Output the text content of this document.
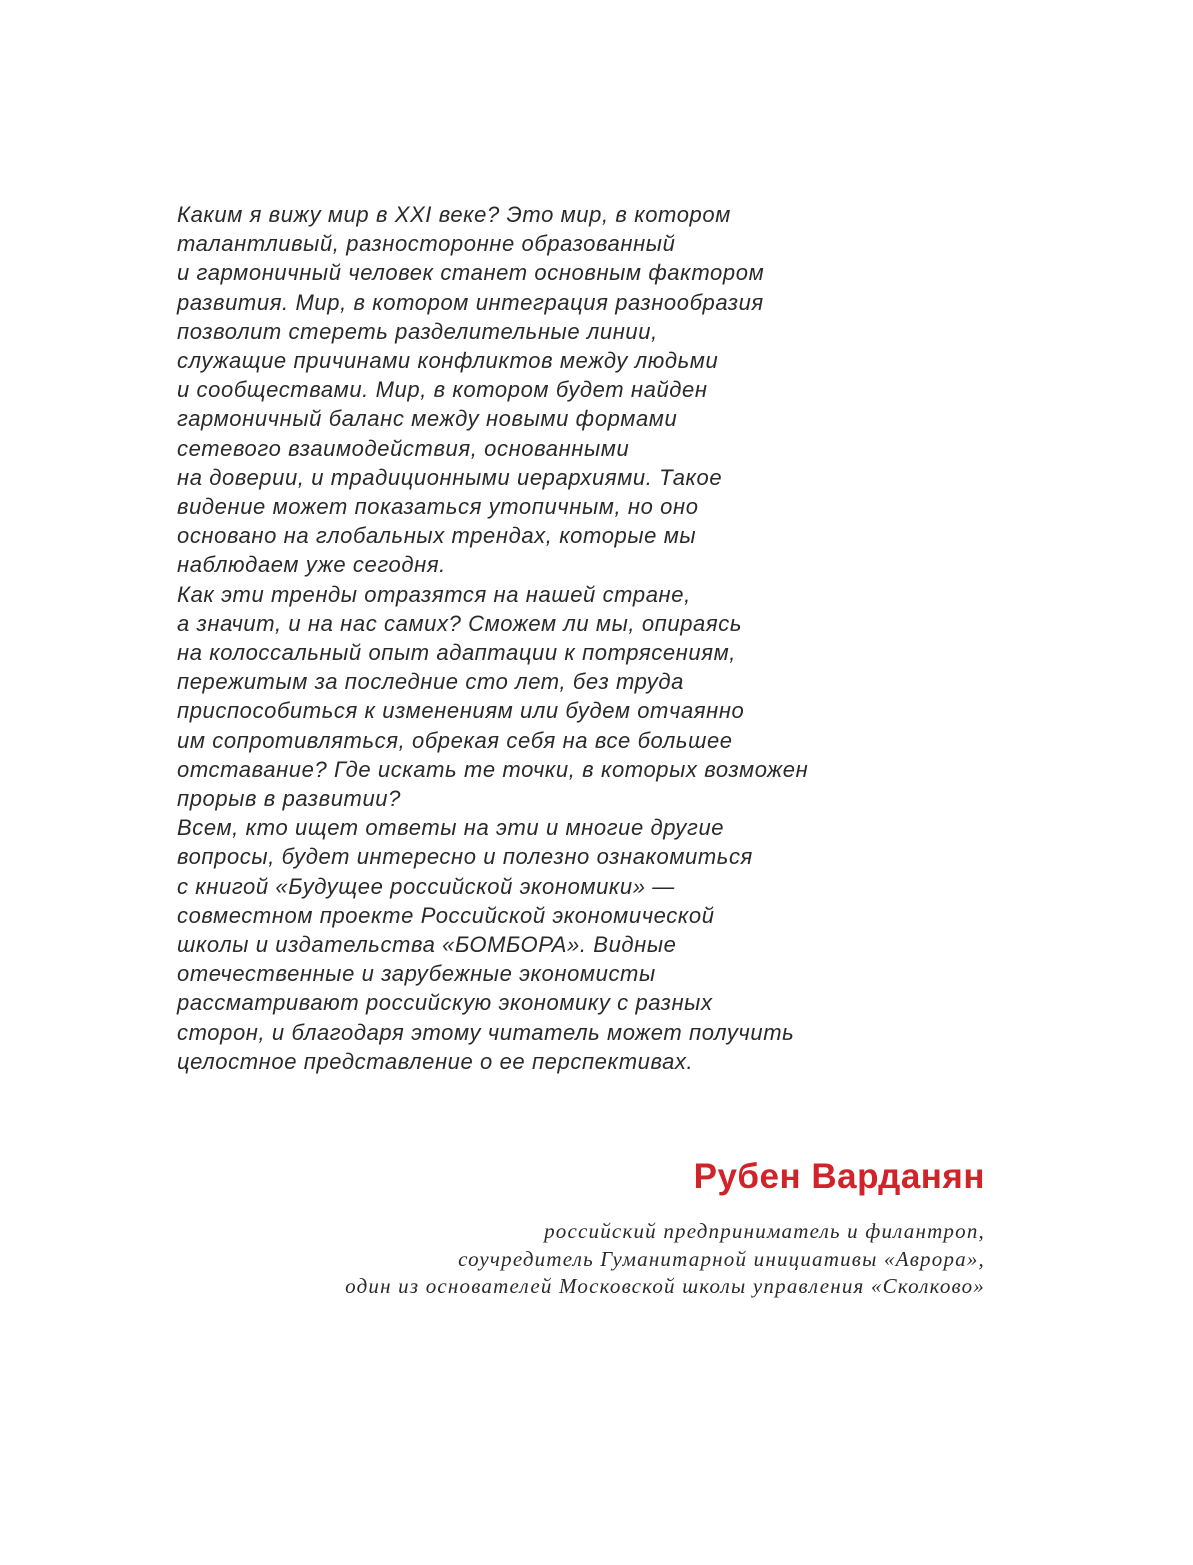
Каким я вижу мир в XXI веке? Это мир, в котором
талантливый, разносторонне образованный
и гармоничный человек станет основным фактором
развития. Мир, в котором интеграция разнообразия
позволит стереть разделительные линии,
служащие причинами конфликтов между людьми
и сообществами. Мир, в котором будет найден
гармоничный баланс между новыми формами
сетевого взаимодействия, основанными
на доверии, и традиционными иерархиями. Такое
видение может показаться утопичным, но оно
основано на глобальных трендах, которые мы
наблюдаем уже сегодня.
Как эти тренды отразятся на нашей стране,
а значит, и на нас самих? Сможем ли мы, опираясь
на колоссальный опыт адаптации к потрясениям,
пережитым за последние сто лет, без труда
приспособиться к изменениям или будем отчаянно
им сопротивляться, обрекая себя на все большее
отставание? Где искать те точки, в которых возможен
прорыв в развитии?
Всем, кто ищет ответы на эти и многие другие
вопросы, будет интересно и полезно ознакомиться
с книгой «Будущее российской экономики» —
совместном проекте Российской экономической
школы и издательства «БОМБОРА». Видные
отечественные и зарубежные экономисты
рассматривают российскую экономику с разных
сторон, и благодаря этому читатель может получить
целостное представление о ее перспективах.
Рубен Варданян
российский предприниматель и филантроп,
соучредитель Гуманитарной инициативы «Аврора»,
один из основателей Московской школы управления «Сколково»
